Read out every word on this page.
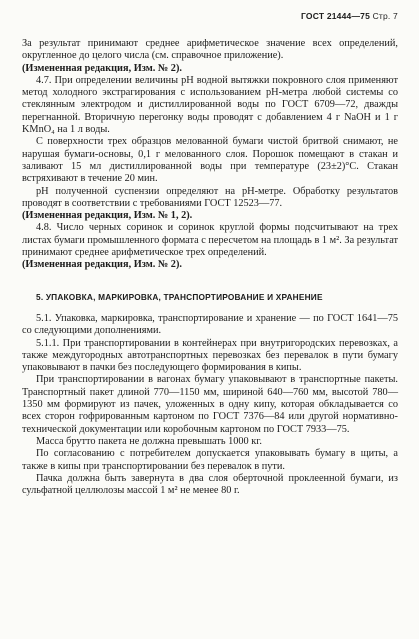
ГОСТ 21444—75 Стр. 7

За результат принимают среднее арифметическое значение всех определений, округленное до целого числа (см. справочное приложение).

(Измененная редакция, Изм. № 2).

4.7. При определении величины pH водной вытяжки покровного слоя применяют метод холодного экстрагирования с использованием pH-метра любой системы со стеклянным электродом и дистиллированной воды по ГОСТ 6709—72, дважды перегнанной. Вторичную перегонку воды проводят с добавлением 4 г NaOH и 1 г KMnO₄ на 1 л воды.

С поверхности трех образцов мелованной бумаги чистой бритвой снимают, не нарушая бумаги-основы, 0,1 г мелованного слоя. Порошок помещают в стакан и заливают 15 мл дистиллированной воды при температуре (23±2)°С. Стакан встряхивают в течение 20 мин.

pH полученной суспензии определяют на pH-метре. Обработку результатов проводят в соответствии с требованиями ГОСТ 12523—77.

(Измененная редакция, Изм. № 1, 2).

4.8. Число черных соринок и соринок круглой формы подсчитывают на трех листах бумаги промышленного формата с пересчетом на площадь в 1 м². За результат принимают среднее арифметическое трех определений.

(Измененная редакция, Изм. № 2).

5. УПАКОВКА, МАРКИРОВКА, ТРАНСПОРТИРОВАНИЕ И ХРАНЕНИЕ

5.1. Упаковка, маркировка, транспортирование и хранение — по ГОСТ 1641—75 со следующими дополнениями.

5.1.1. При транспортировании в контейнерах при внутригородских перевозках, а также междугородных автотранспортных перевозках без перевалок в пути бумагу упаковывают в пачки без последующего формирования в кипы.

При транспортировании в вагонах бумагу упаковывают в транспортные пакеты. Транспортный пакет длиной 770—1150 мм, шириной 640—760 мм, высотой 780—1350 мм формируют из пачек, уложенных в одну кипу, которая обкладывается со всех сторон гофрированным картоном по ГОСТ 7376—84 или другой нормативно-технической документации или коробочным картоном по ГОСТ 7933—75.

Масса брутто пакета не должна превышать 1000 кг.

По согласованию с потребителем допускается упаковывать бумагу в щиты, а также в кипы при транспортировании без перевалок в пути.

Пачка должна быть завернута в два слоя оберточной проклеенной бумаги, из сульфатной целлюлозы массой 1 м² не менее 80 г.
